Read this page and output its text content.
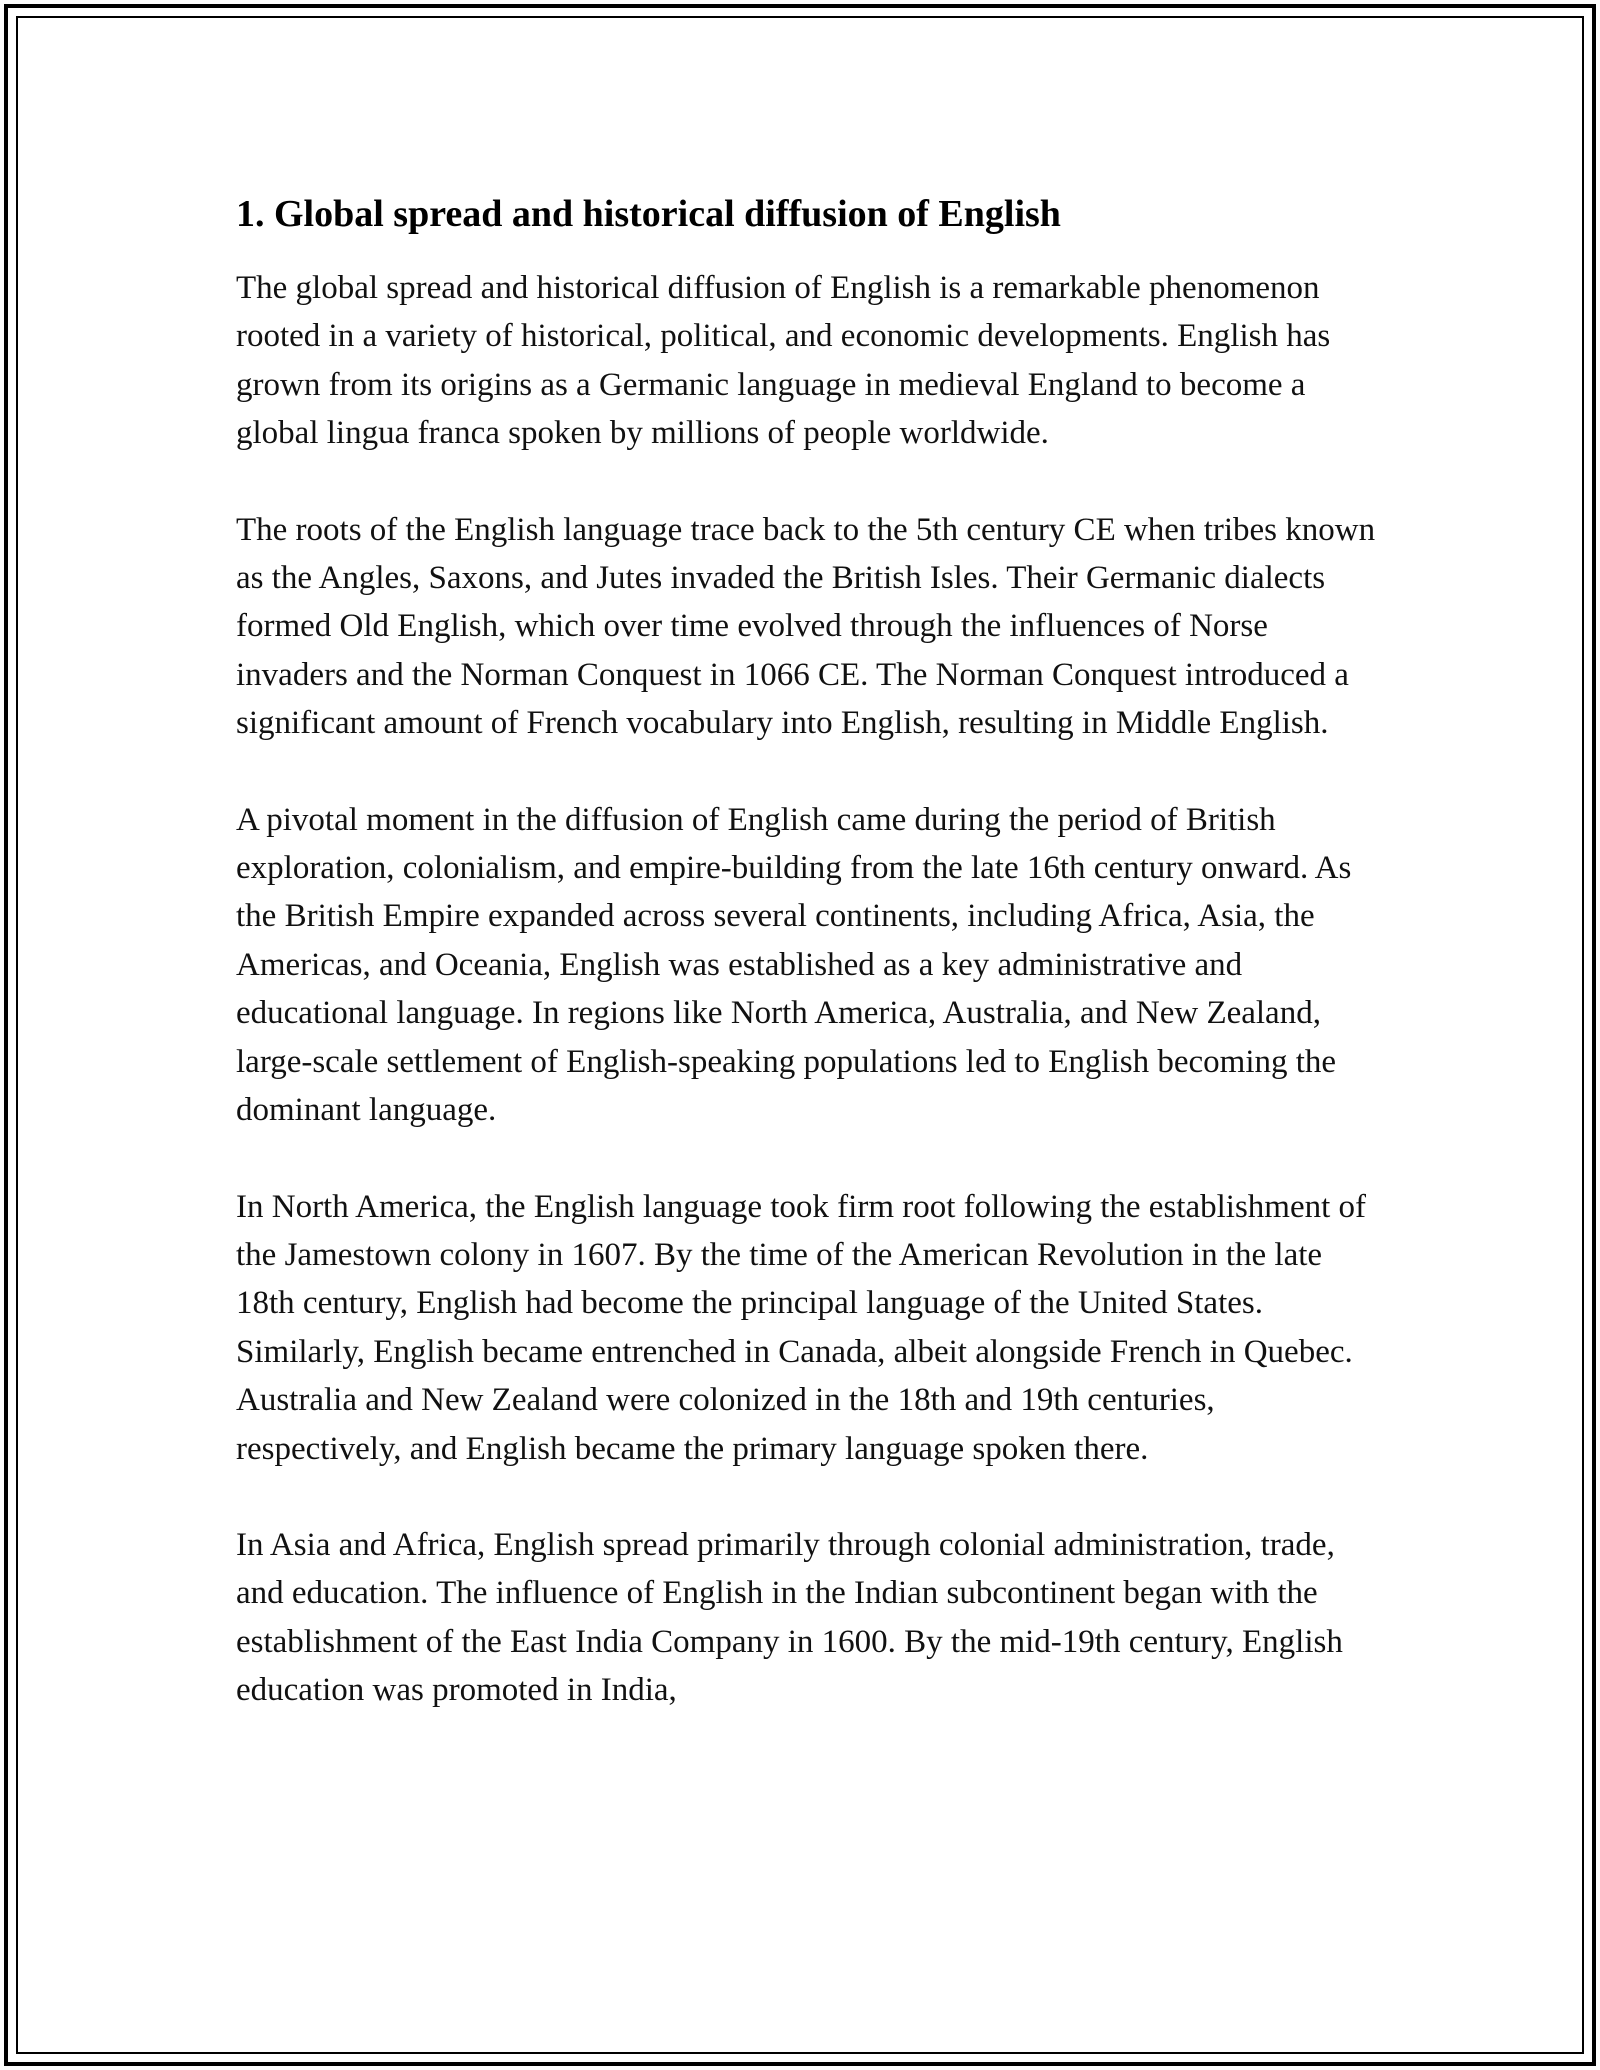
1. Global spread and historical diffusion of English

The global spread and historical diffusion of English is a remarkable phenomenon rooted in a variety of historical, political, and economic developments. English has grown from its origins as a Germanic language in medieval England to become a global lingua franca spoken by millions of people worldwide.

The roots of the English language trace back to the 5th century CE when tribes known as the Angles, Saxons, and Jutes invaded the British Isles. Their Germanic dialects formed Old English, which over time evolved through the influences of Norse invaders and the Norman Conquest in 1066 CE. The Norman Conquest introduced a significant amount of French vocabulary into English, resulting in Middle English.

A pivotal moment in the diffusion of English came during the period of British exploration, colonialism, and empire-building from the late 16th century onward. As the British Empire expanded across several continents, including Africa, Asia, the Americas, and Oceania, English was established as a key administrative and educational language. In regions like North America, Australia, and New Zealand, large-scale settlement of English-speaking populations led to English becoming the dominant language.

In North America, the English language took firm root following the establishment of the Jamestown colony in 1607. By the time of the American Revolution in the late 18th century, English had become the principal language of the United States. Similarly, English became entrenched in Canada, albeit alongside French in Quebec. Australia and New Zealand were colonized in the 18th and 19th centuries, respectively, and English became the primary language spoken there.

In Asia and Africa, English spread primarily through colonial administration, trade, and education. The influence of English in the Indian subcontinent began with the establishment of the East India Company in 1600. By the mid-19th century, English education was promoted in India,
